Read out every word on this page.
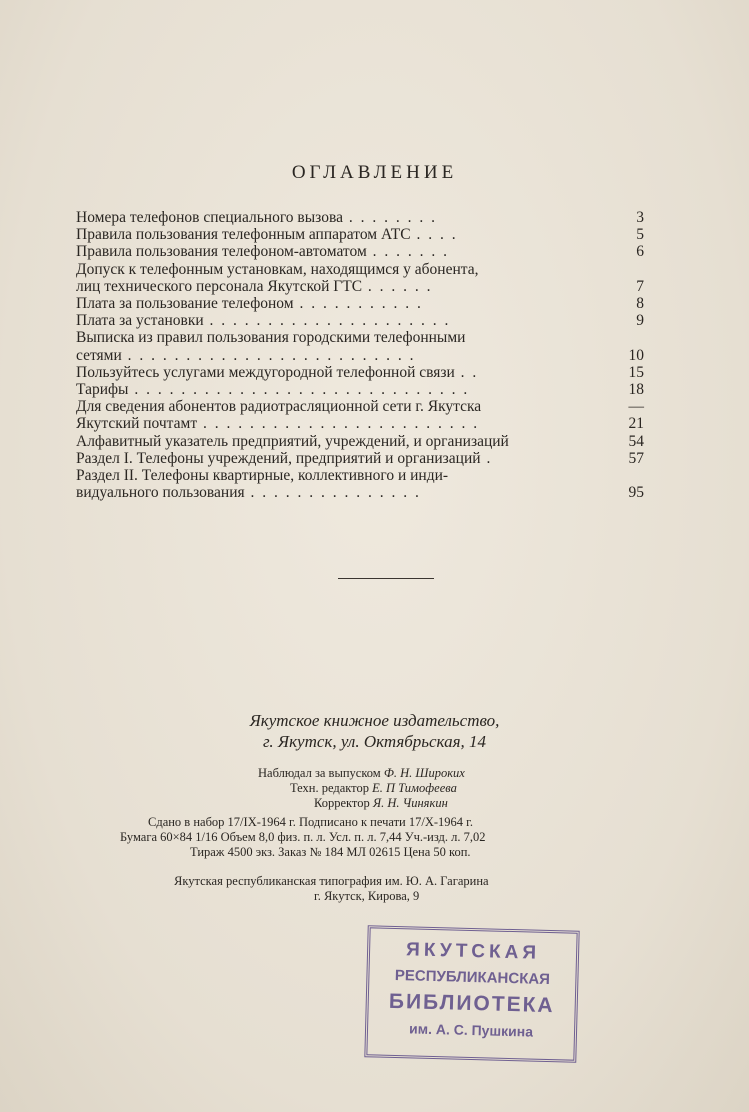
ОГЛАВЛЕНИЕ
Номера телефонов специального вызова . . . . . . . .	3
Правила пользования телефонным аппаратом АТС . . . .	5
Правила пользования телефоном-автоматом . . . . . . .	6
Допуск к телефонным установкам, находящимся у абонента,
лиц технического персонала Якутской ГТС . . . . . .	7
Плата за пользование телефоном . . . . . . . . . . .	8
Плата за установки . . . . . . . . . . . . . . . . . . . . .	9
Выписка из правил пользования городскими телефонными
сетями . . . . . . . . . . . . . . . . . . . . . . . . .	10
Пользуйтесь услугами междугородной телефонной связи . .	15
Тарифы . . . . . . . . . . . . . . . . . . . . . . . . . . . . .	18
Для сведения абонентов радиотрасляционной сети г. Якутска	—
Якутский почтамт . . . . . . . . . . . . . . . . . . . . . . . .	21
Алфавитный указатель предприятий, учреждений, и организаций	54
Раздел I. Телефоны учреждений, предприятий и организаций .	57
Раздел II. Телефоны квартирные, коллективного и инди-
видуального пользования . . . . . . . . . . . . . . .	95
Якутское книжное издательство,
г. Якутск, ул. Октябрьская, 14
Наблюдал за выпуском Ф. Н. Широких
Техн. редактор Е. П Тимофеева
Корректор Я. Н. Чинякин
Сдано в набор 17/IX-1964 г. Подписано к печати 17/X-1964 г.
Бумага 60×84 1/16 Объем 8,0 физ. п. л. Усл. п. л. 7,44 Уч.-изд. л. 7,02
Тираж 4500 экз. Заказ № 184 МЛ 02615 Цена 50 коп.
Якутская республиканская типография им. Ю. А. Гагарина
г. Якутск, Кирова, 9
ЯКУТСКАЯ
РЕСПУБЛИКАНСКАЯ
БИБЛИОТЕКА
им. А. С. Пушкина
